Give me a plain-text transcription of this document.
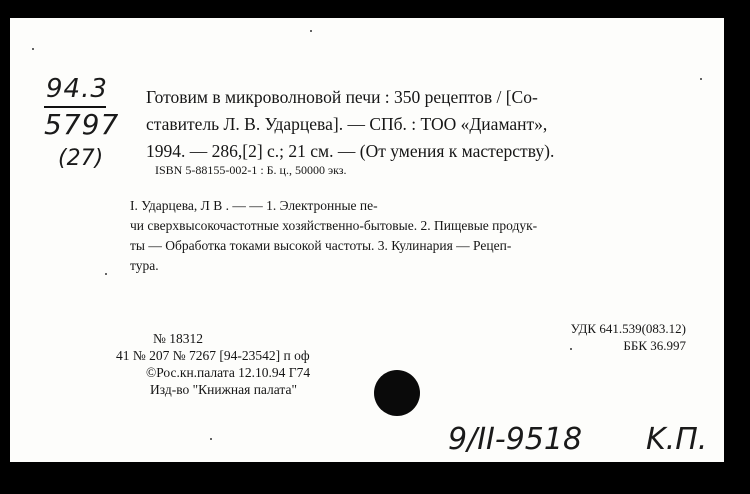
94.3
5797
(27)
Готовим в микроволновой печи : 350 рецептов / [Со-
ставитель Л. В. Ударцева]. — СПб. : ТОО «Диамант»,
1994. — 286,[2] с.; 21 см. — (От умения к мастерству).
ISBN 5-88155-002-1 : Б. ц., 50000 экз.
I. Ударцева, Л В . — — 1. Электронные пе-
чи сверхвысокочастотные хозяйственно-бытовые. 2. Пищевые продук-
ты — Обработка токами высокой частоты. 3. Кулинария — Рецеп-
тура.
УДК 641.539(083.12)
ББК 36.997
№ 18312
41 № 207 № 7267 [94-23542] п оф
©Рос.кн.палата 12.10.94 Г74
Изд-во "Книжная палата"
9/II-9518 K.П.
